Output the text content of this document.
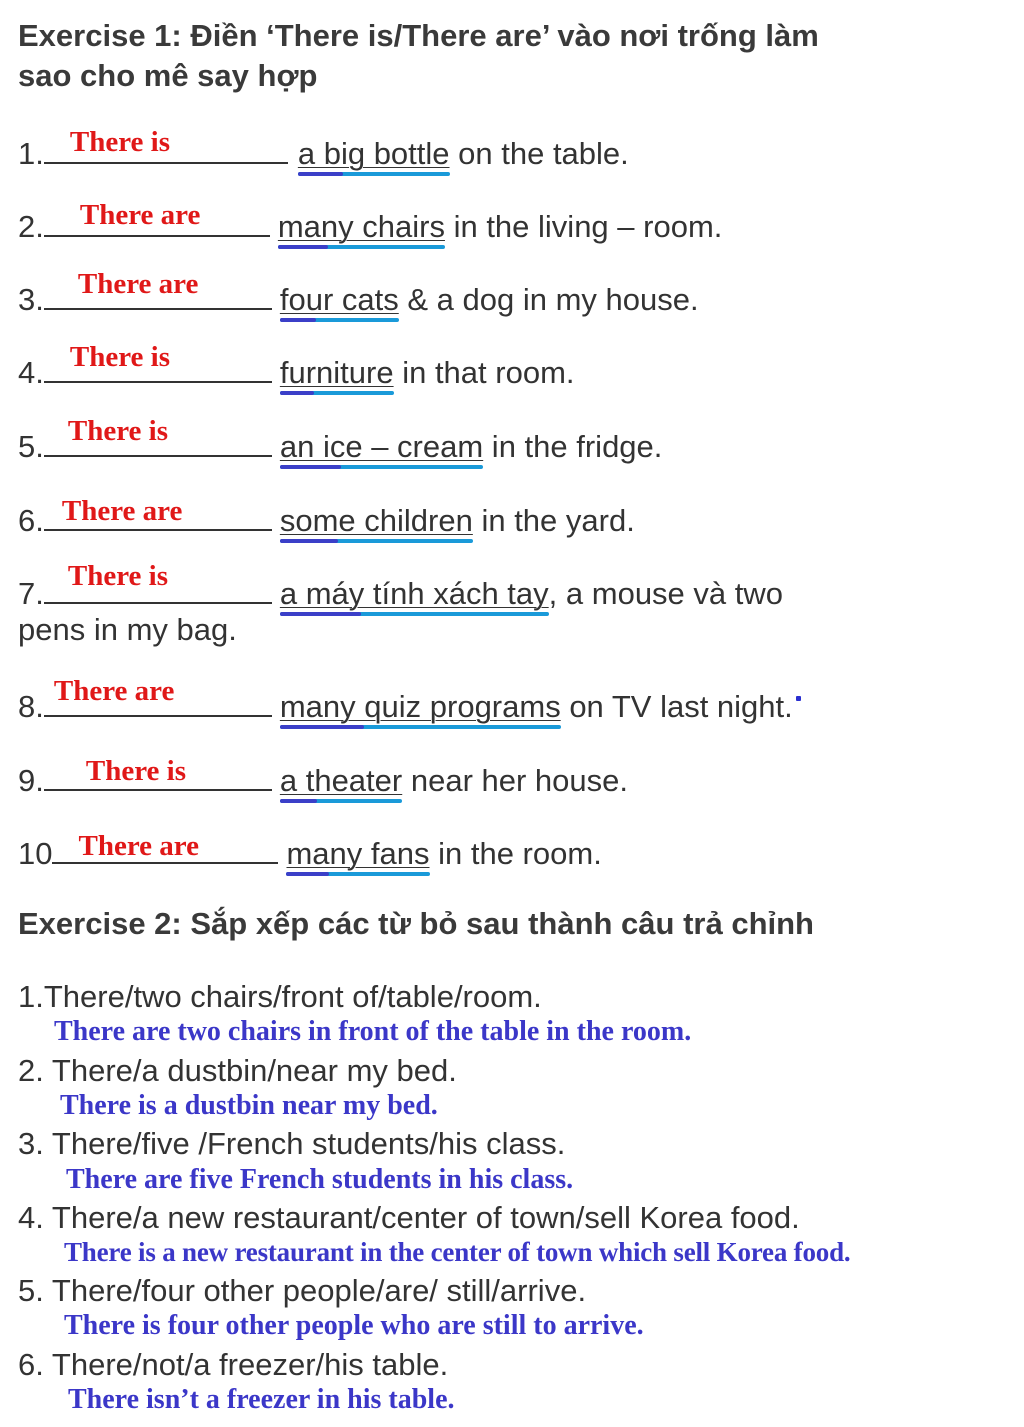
Exercise 1: Điền ‘There is/There are’ vào nơi trống làm
sao cho mê say hợp
1. There is	a big bottle
on the table.
2. There are many chairs
in the living – room.
3. There are	four cats
& a dog in my house.
4. There is	furniture
in that room.
5. There is	an ice – cream
in the fridge.
6. There are	some children
in the yard.
7. There is	a máy tính xách tay
, a mouse và two
pens in my bag.
8. There are	many quiz programs
on TV last night.
9. There is	a theater
near her house.
10 There are	many fans
in the room.
Exercise 2: Sắp xếp các từ bỏ sau thành câu trả chỉnh
1.There/two chairs/front of/table/room.
There are two chairs in front of the table in the room.
2. There/a dustbin/near my bed.
There is a dustbin near my bed.
3. There/five /French students/his class.
There are five French students in his class.
4. There/a new restaurant/center of town/sell Korea food.
There is a new restaurant in the center of town which sell Korea food.
5. There/four other people/are/ still/arrive.
There is four other people who are still to arrive.
6. There/not/a freezer/his table.
There isn’t a freezer in his table.
